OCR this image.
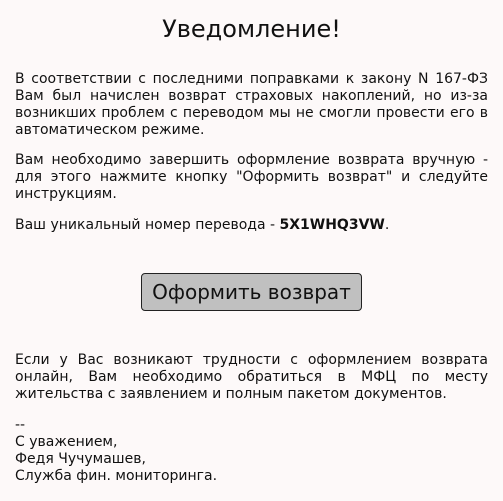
Уведомление!

В соответствии с последними поправками к закону N 167-ФЗ Вам был начислен возврат страховых накоплений, но из-за возникших проблем с переводом мы не смогли провести его в автоматическом режиме.

Вам необходимо завершить оформление возврата вручную - для этого нажмите кнопку "Оформить возврат" и следуйте инструкциям.

Ваш уникальный номер перевода - 5X1WHQ3VW.

Оформить возврат

Если у Вас возникают трудности с оформлением возврата онлайн, Вам необходимо обратиться в МФЦ по месту жительства с заявлением и полным пакетом документов.

--
С уважением,
Федя Чучумашев,
Служба фин. мониторинга.
